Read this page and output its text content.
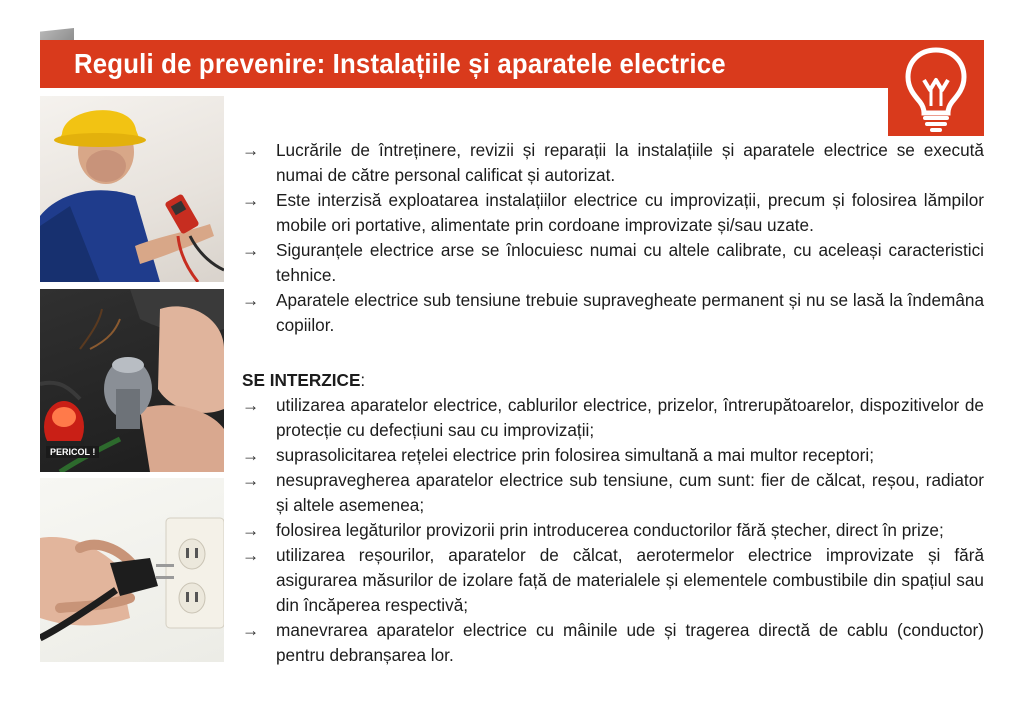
Reguli de prevenire: Instalațiile și aparatele electrice
PERICOL !
→ Lucrările de întreținere, revizii și reparații la instalațiile și aparatele electrice se execută numai de către personal calificat și autorizat.
→ Este interzisă exploatarea instalațiilor electrice cu improvizații, precum și folosirea lămpilor mobile ori portative, alimentate prin cordoane improvizate și/sau uzate.
→ Siguranțele electrice arse se înlocuiesc numai cu altele calibrate, cu aceleași caracteristici tehnice.
→ Aparatele electrice sub tensiune trebuie supravegheate permanent și nu se lasă la îndemâna copiilor.
SE INTERZICE:
→ utilizarea aparatelor electrice, cablurilor electrice, prizelor, întrerupătoarelor, dispozitivelor de protecție cu defecțiuni sau cu improvizații;
→ suprasolicitarea rețelei electrice prin folosirea simultană a mai multor receptori;
→ nesupravegherea aparatelor electrice sub tensiune, cum sunt: fier de călcat, reșou, radiator și altele asemenea;
→ folosirea legăturilor provizorii prin introducerea conductorilor fără ștecher, direct în prize;
→ utilizarea reșourilor, aparatelor de călcat, aerotermelor electrice improvizate și fără asigurarea măsurilor de izolare față de materialele și elementele combustibile din spațiul sau din încăperea respectivă;
→ manevrarea aparatelor electrice cu mâinile ude și tragerea directă de cablu (conductor) pentru debranșarea lor.
